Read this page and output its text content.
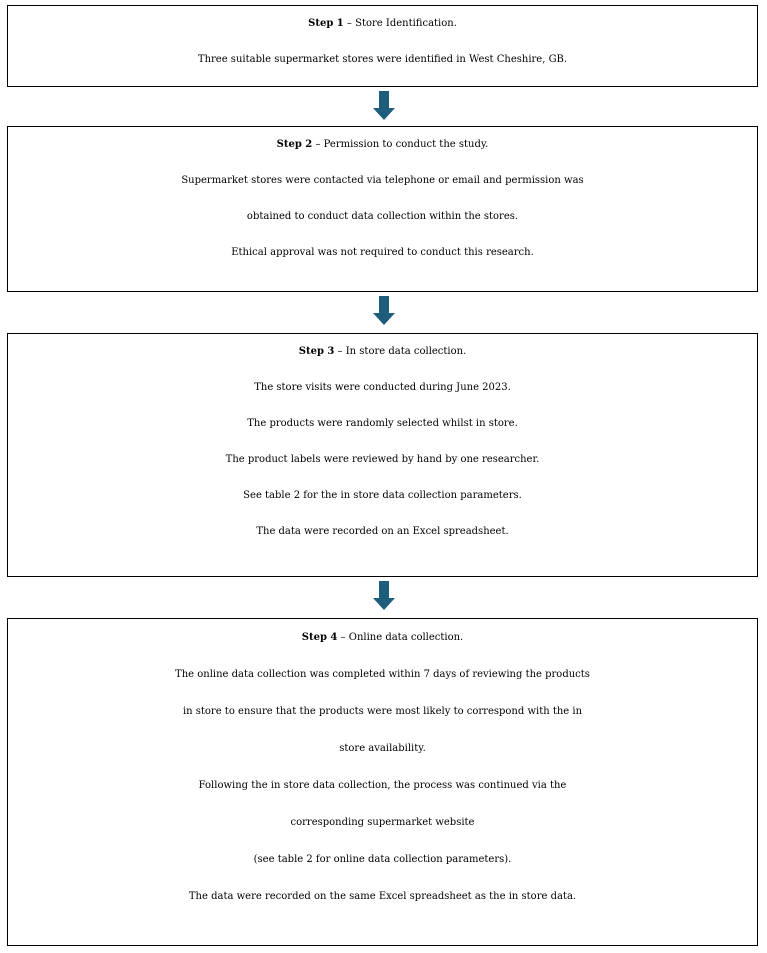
Step 1 – Store Identification.

Three suitable supermarket stores were identified in West Cheshire, GB.

Step 2 – Permission to conduct the study.

Supermarket stores were contacted via telephone or email and permission was

obtained to conduct data collection within the stores.

Ethical approval was not required to conduct this research.

Step 3 – In store data collection.

The store visits were conducted during June 2023.

The products were randomly selected whilst in store.

The product labels were reviewed by hand by one researcher.

See table 2 for the in store data collection parameters.

The data were recorded on an Excel spreadsheet.

Step 4 – Online data collection.

The online data collection was completed within 7 days of reviewing the products

in store to ensure that the products were most likely to correspond with the in

store availability.

Following the in store data collection, the process was continued via the

corresponding supermarket website

(see table 2 for online data collection parameters).

The data were recorded on the same Excel spreadsheet as the in store data.
